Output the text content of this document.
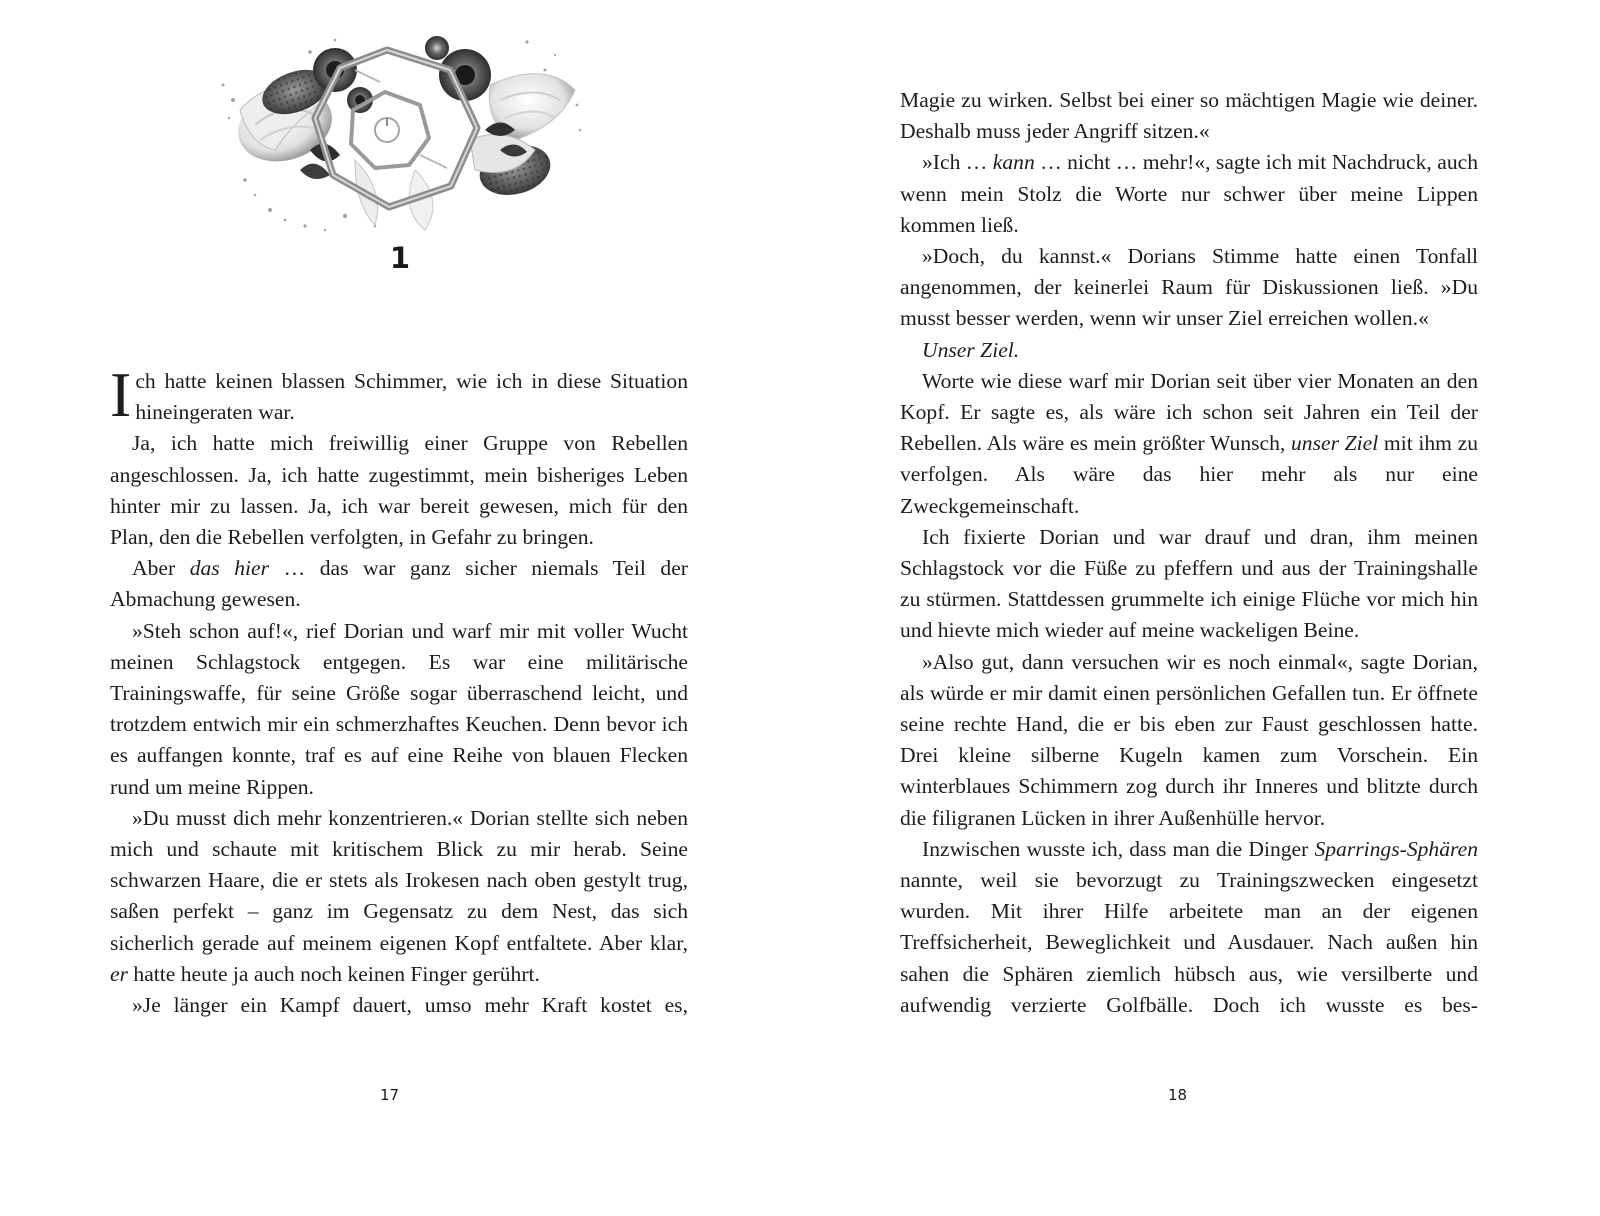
1

Ich hatte keinen blassen Schimmer, wie ich in diese Situation hineingeraten war.

Ja, ich hatte mich freiwillig einer Gruppe von Rebellen angeschlossen. Ja, ich hatte zugestimmt, mein bisheriges Leben hinter mir zu lassen. Ja, ich war bereit gewesen, mich für den Plan, den die Rebellen verfolgten, in Gefahr zu bringen.

Aber das hier … das war ganz sicher niemals Teil der Abmachung gewesen.

»Steh schon auf!«, rief Dorian und warf mir mit voller Wucht meinen Schlagstock entgegen. Es war eine militärische Trainingswaffe, für seine Größe sogar überraschend leicht, und trotzdem entwich mir ein schmerzhaftes Keuchen. Denn bevor ich es auffangen konnte, traf es auf eine Reihe von blauen Flecken rund um meine Rippen.

»Du musst dich mehr konzentrieren.« Dorian stellte sich neben mich und schaute mit kritischem Blick zu mir herab. Seine schwarzen Haare, die er stets als Irokesen nach oben gestylt trug, saßen perfekt – ganz im Gegensatz zu dem Nest, das sich sicherlich gerade auf meinem eigenen Kopf entfaltete. Aber klar, er hatte heute ja auch noch keinen Finger gerührt.

»Je länger ein Kampf dauert, umso mehr Kraft kostet es,

17

Magie zu wirken. Selbst bei einer so mächtigen Magie wie deiner. Deshalb muss jeder Angriff sitzen.«

»Ich … kann … nicht … mehr!«, sagte ich mit Nachdruck, auch wenn mein Stolz die Worte nur schwer über meine Lippen kommen ließ.

»Doch, du kannst.« Dorians Stimme hatte einen Tonfall angenommen, der keinerlei Raum für Diskussionen ließ. »Du musst besser werden, wenn wir unser Ziel erreichen wollen.«

Unser Ziel.

Worte wie diese warf mir Dorian seit über vier Monaten an den Kopf. Er sagte es, als wäre ich schon seit Jahren ein Teil der Rebellen. Als wäre es mein größter Wunsch, unser Ziel mit ihm zu verfolgen. Als wäre das hier mehr als nur eine Zweckgemeinschaft.

Ich fixierte Dorian und war drauf und dran, ihm meinen Schlagstock vor die Füße zu pfeffern und aus der Trainingshalle zu stürmen. Stattdessen grummelte ich einige Flüche vor mich hin und hievte mich wieder auf meine wackeligen Beine.

»Also gut, dann versuchen wir es noch einmal«, sagte Dorian, als würde er mir damit einen persönlichen Gefallen tun. Er öffnete seine rechte Hand, die er bis eben zur Faust geschlossen hatte. Drei kleine silberne Kugeln kamen zum Vorschein. Ein winterblaues Schimmern zog durch ihr Inneres und blitzte durch die filigranen Lücken in ihrer Außenhülle hervor.

Inzwischen wusste ich, dass man die Dinger Sparrings-Sphären nannte, weil sie bevorzugt zu Trainingszwecken eingesetzt wurden. Mit ihrer Hilfe arbeitete man an der eigenen Treffsicherheit, Beweglichkeit und Ausdauer. Nach außen hin sahen die Sphären ziemlich hübsch aus, wie versilberte und aufwendig verzierte Golfbälle. Doch ich wusste es bes-

18
